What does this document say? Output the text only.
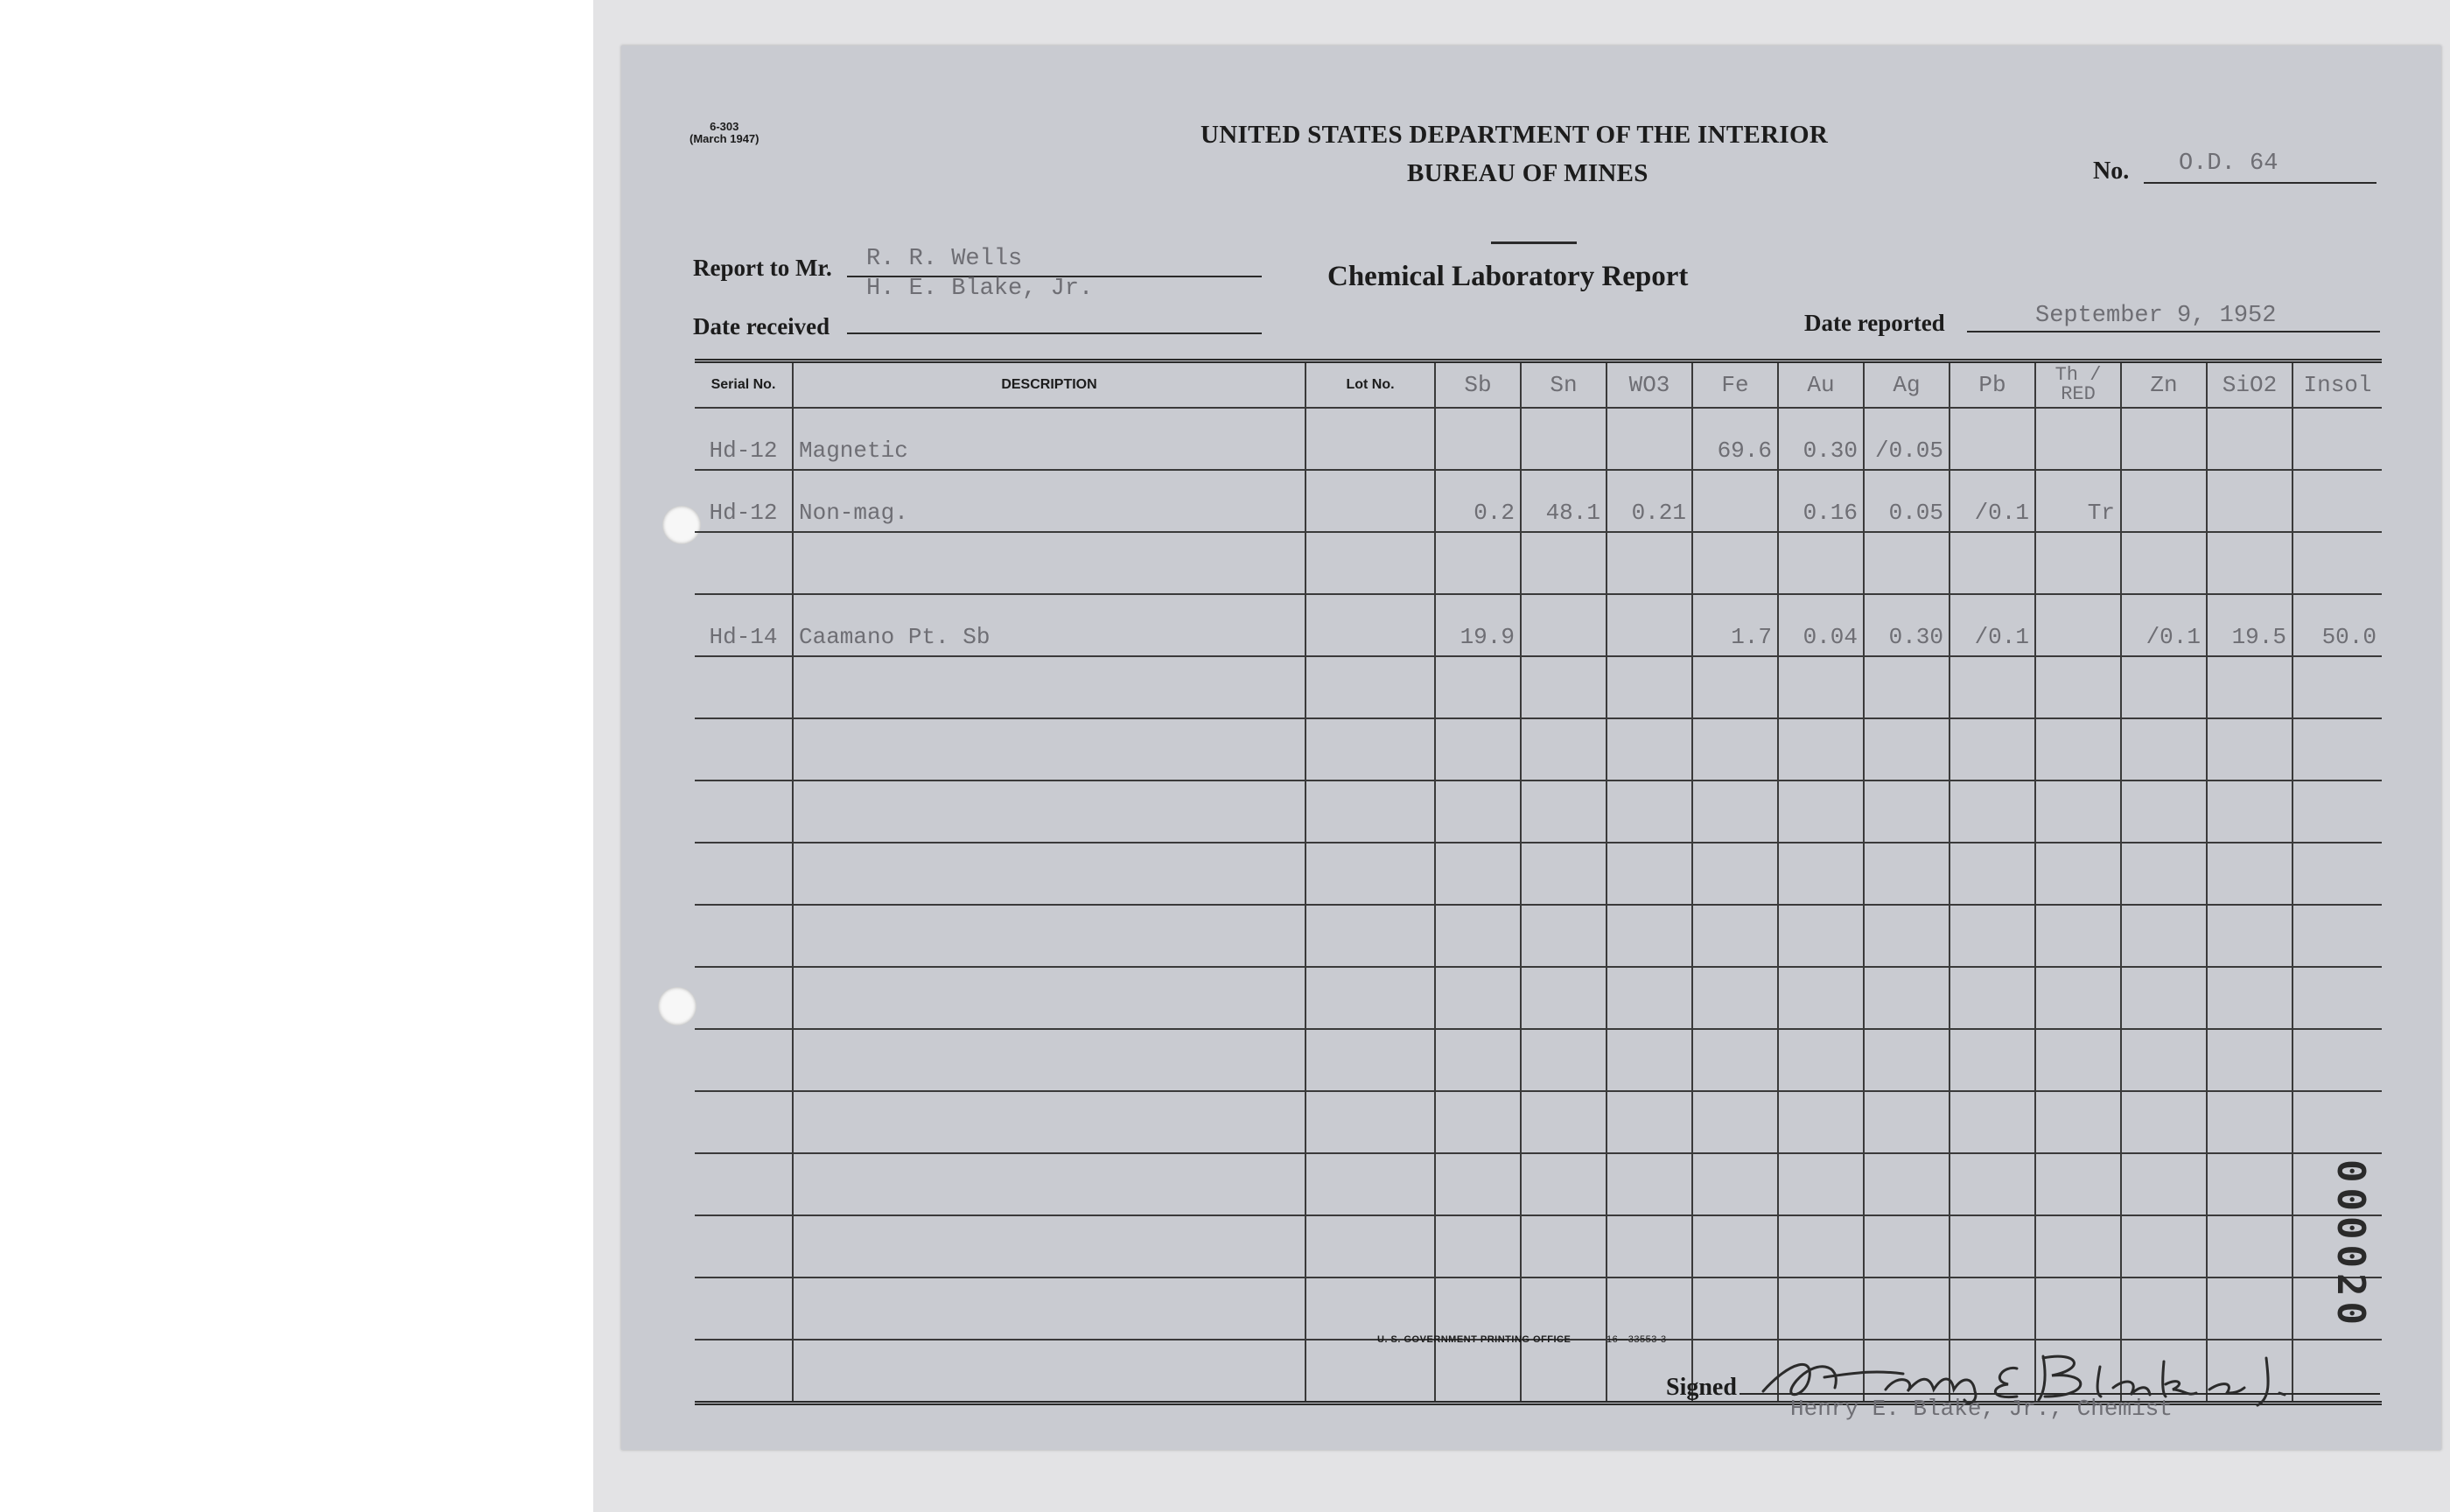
6-303
(March 1947)	UNITED STATES DEPARTMENT OF THE INTERIOR
BUREAU OF MINES
Chemical Laboratory Report
No. O.D. 64
Report to Mr. R. R. Wells
H. E. Blake, Jr.
Date received	Date reported	September 9, 1952
Serial No.	DESCRIPTION	Lot No.	Sb	Sn	WO3	Fe	Au	Ag	Pb	Th / RED	Zn	SiO2	Insol
Hd-12	Magnetic					69.6	0.30	/0.05					
Hd-12	Non-mag.		0.2	48.1	0.21		0.16	0.05	/0.1	Tr			

Hd-14	Caamano Pt. Sb		19.9			1.7	0.04	0.30	/0.1		/0.1	19.5	50.0

000020
U. S. GOVERNMENT PRINTING OFFICE	16—33553-3
Signed
Henry E. Blake, Jr., Chemist
